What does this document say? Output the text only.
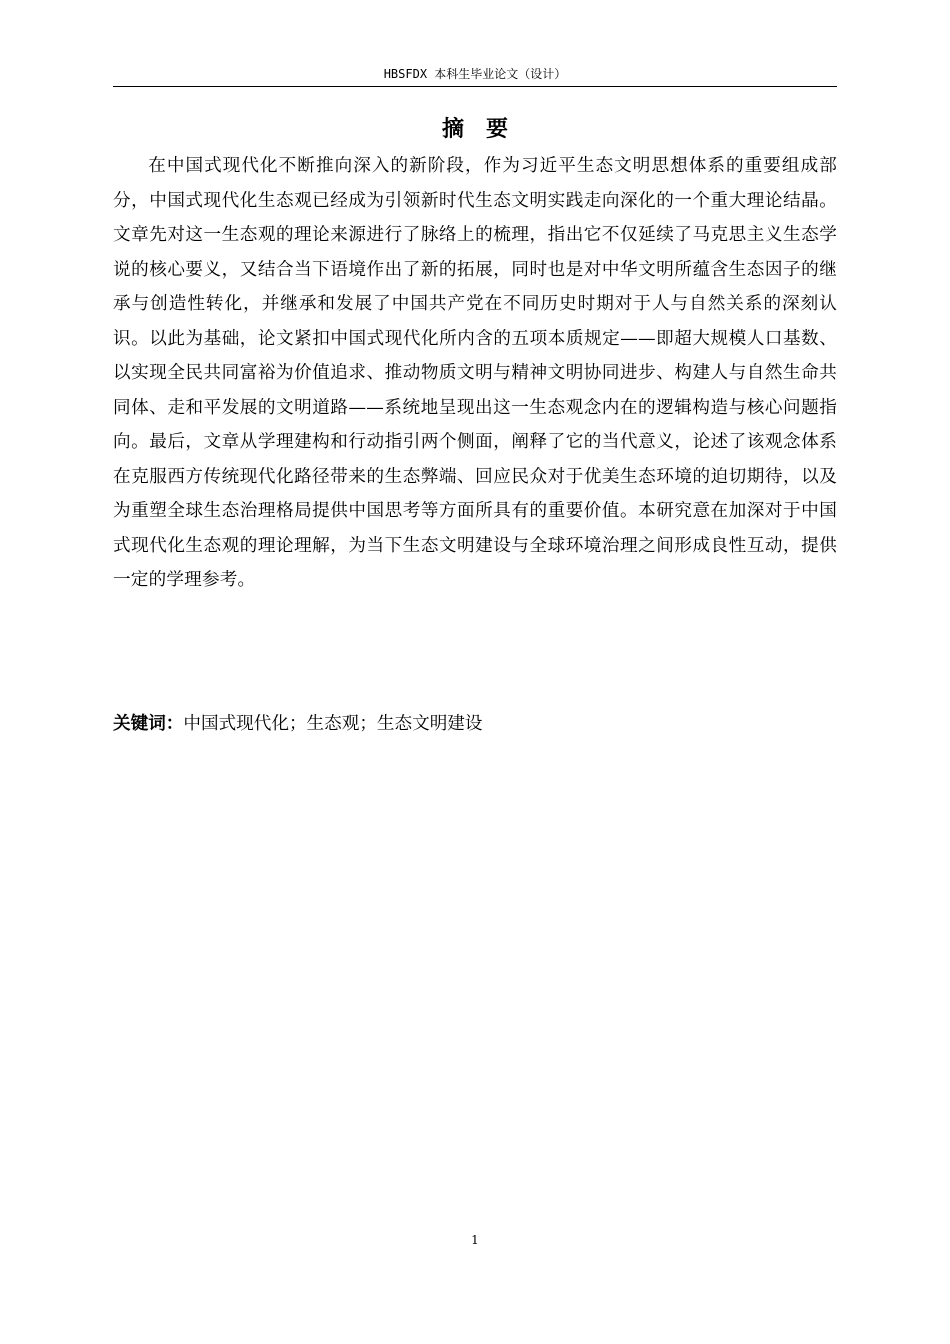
HBSFDX 本科生毕业论文（设计）
摘要

在中国式现代化不断推向深入的新阶段，作为习近平生态文明思想体系的重要组成部分，中国式现代化生态观已经成为引领新时代生态文明实践走向深化的一个重大理论结晶。文章先对这一生态观的理论来源进行了脉络上的梳理，指出它不仅延续了马克思主义生态学说的核心要义，又结合当下语境作出了新的拓展，同时也是对中华文明所蕴含生态因子的继承与创造性转化，并继承和发展了中国共产党在不同历史时期对于人与自然关系的深刻认识。以此为基础，论文紧扣中国式现代化所内含的五项本质规定——即超大规模人口基数、以实现全民共同富裕为价值追求、推动物质文明与精神文明协同进步、构建人与自然生命共同体、走和平发展的文明道路——系统地呈现出这一生态观念内在的逻辑构造与核心问题指向。最后，文章从学理建构和行动指引两个侧面，阐释了它的当代意义，论述了该观念体系在克服西方传统现代化路径带来的生态弊端、回应民众对于优美生态环境的迫切期待，以及为重塑全球生态治理格局提供中国思考等方面所具有的重要价值。本研究意在加深对于中国式现代化生态观的理论理解，为当下生态文明建设与全球环境治理之间形成良性互动，提供一定的学理参考。

关键词：中国式现代化；生态观；生态文明建设
1
